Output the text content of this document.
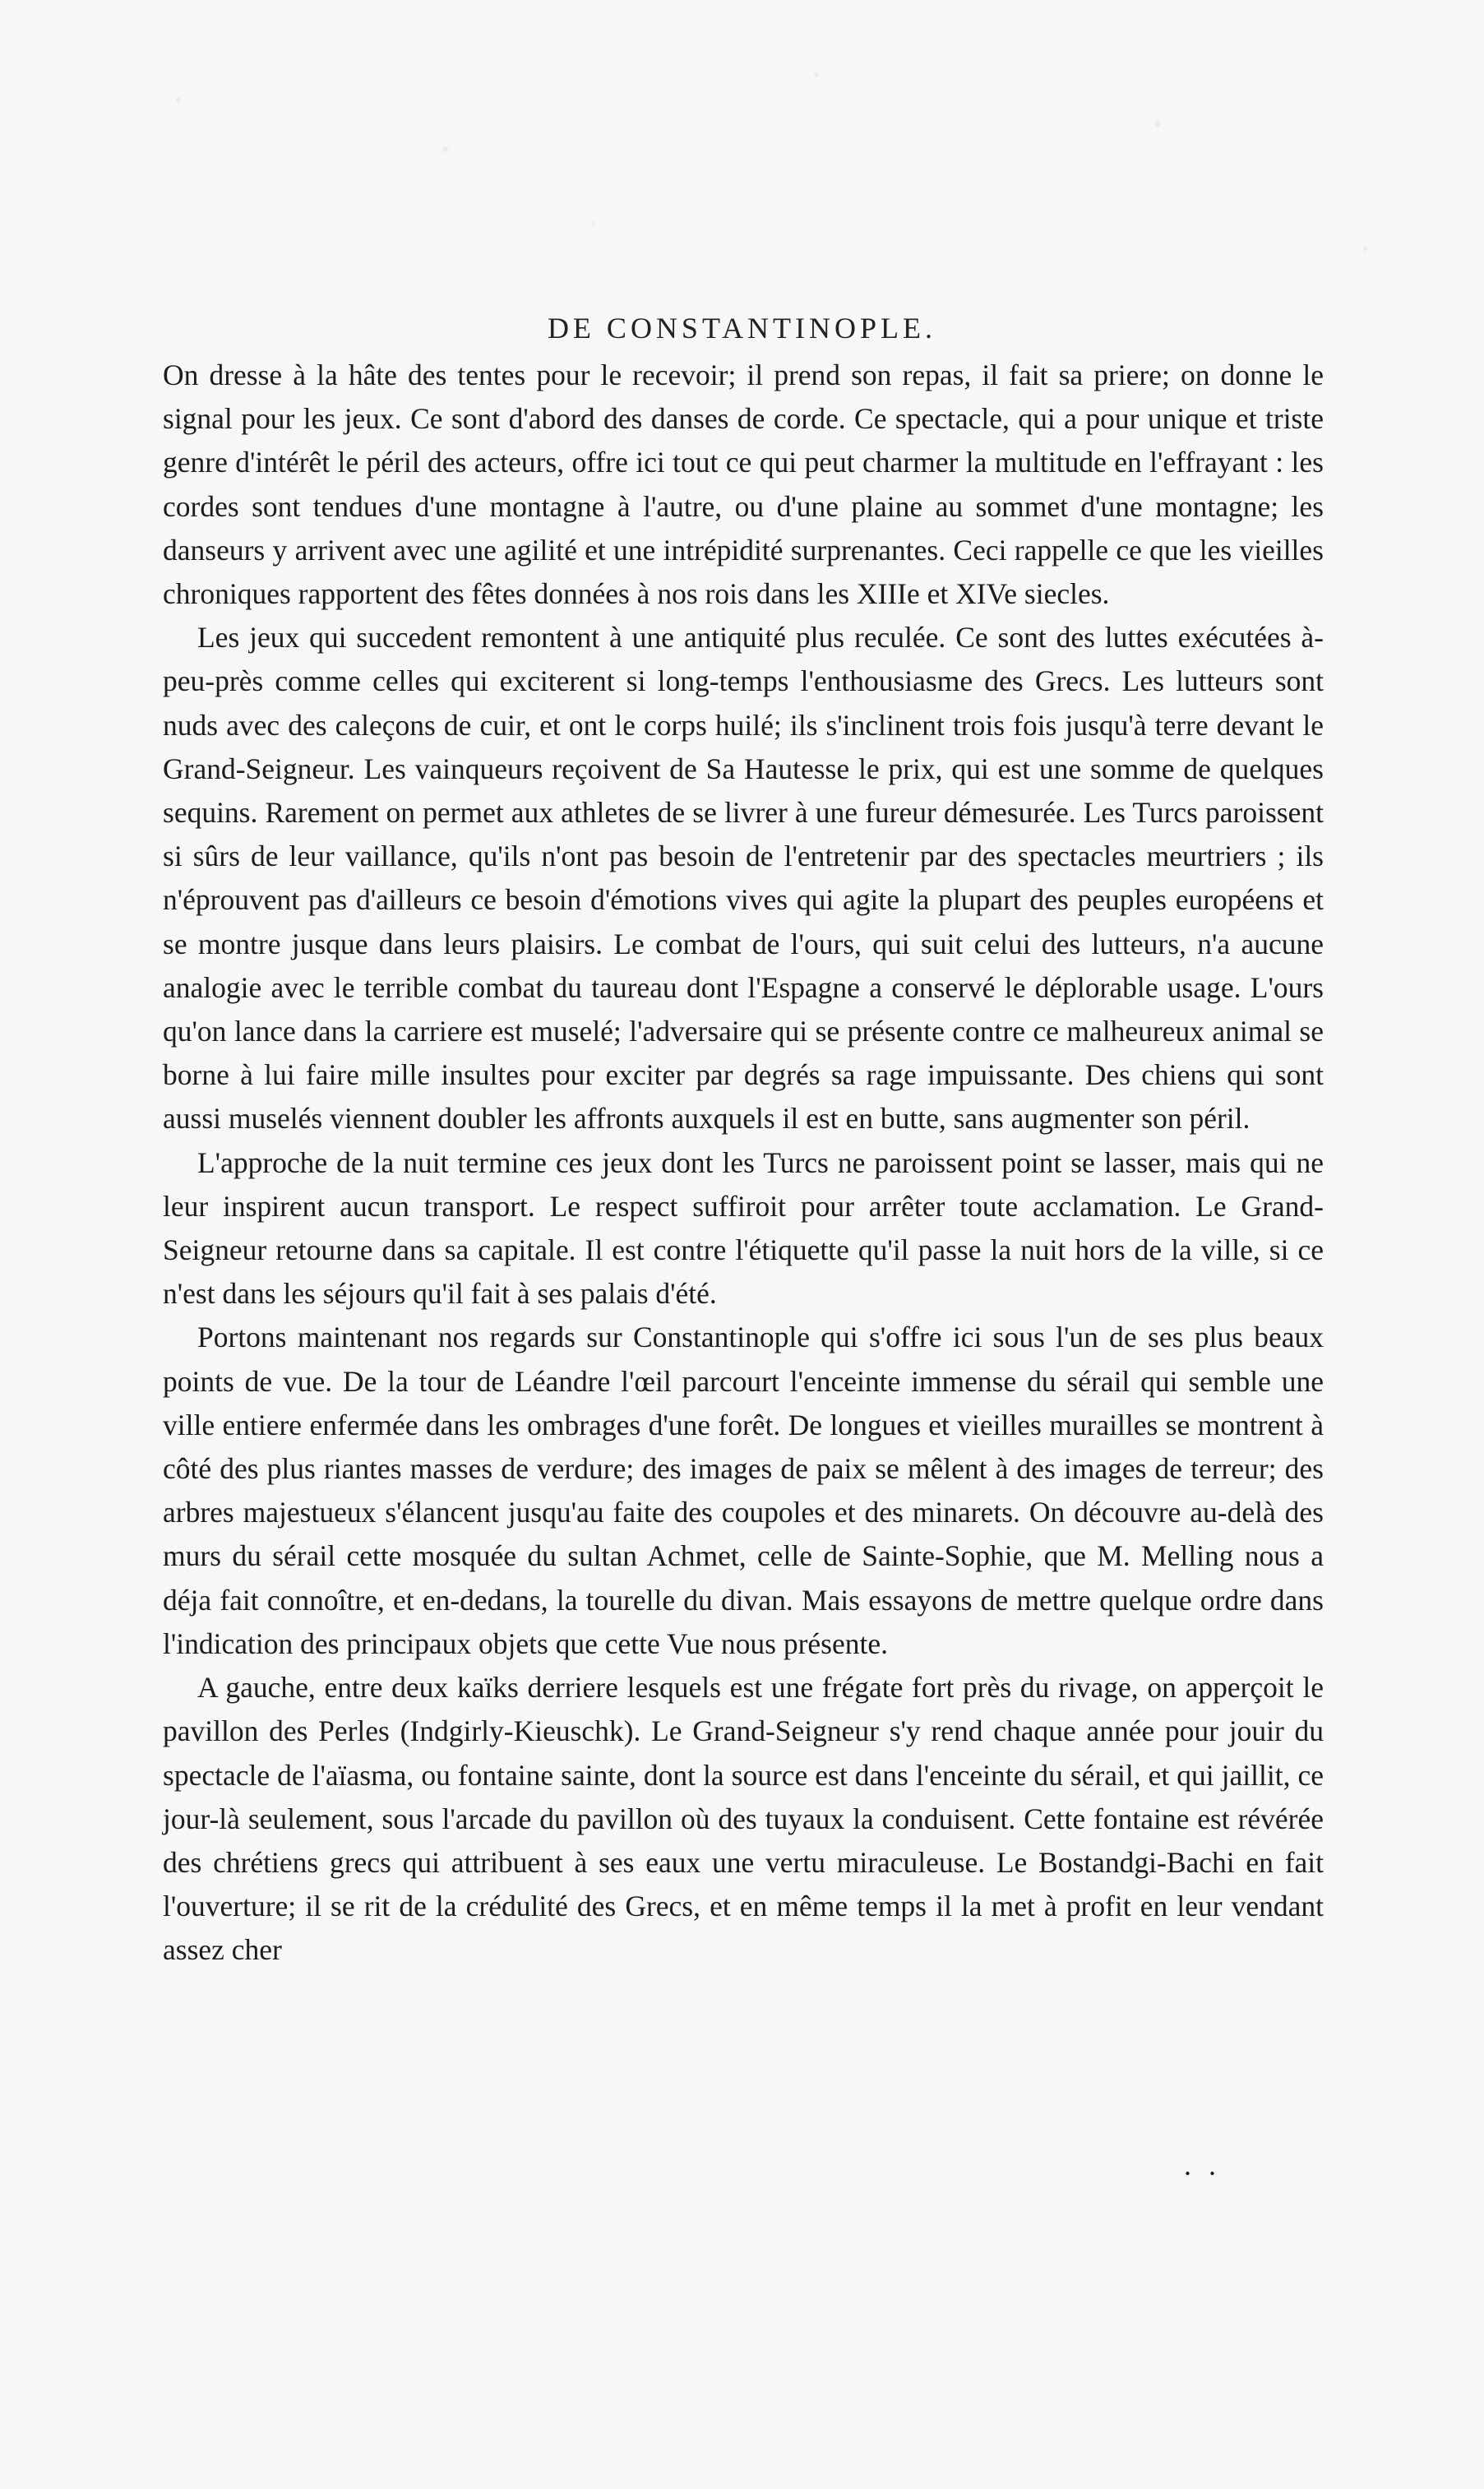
DE CONSTANTINOPLE.

On dresse à la hâte des tentes pour le recevoir; il prend son repas, il fait sa priere; on donne le signal pour les jeux. Ce sont d'abord des danses de corde. Ce spectacle, qui a pour unique et triste genre d'intérêt le péril des acteurs, offre ici tout ce qui peut charmer la multitude en l'effrayant : les cordes sont tendues d'une montagne à l'autre, ou d'une plaine au sommet d'une montagne; les danseurs y arrivent avec une agilité et une intrépidité surprenantes. Ceci rappelle ce que les vieilles chroniques rapportent des fêtes données à nos rois dans les XIIIe et XIVe siecles.

Les jeux qui succedent remontent à une antiquité plus reculée. Ce sont des luttes exécutées à-peu-près comme celles qui exciterent si long-temps l'enthousiasme des Grecs. Les lutteurs sont nuds avec des caleçons de cuir, et ont le corps huilé; ils s'inclinent trois fois jusqu'à terre devant le Grand-Seigneur. Les vainqueurs reçoivent de Sa Hautesse le prix, qui est une somme de quelques sequins. Rarement on permet aux athletes de se livrer à une fureur démesurée. Les Turcs paroissent si sûrs de leur vaillance, qu'ils n'ont pas besoin de l'entretenir par des spectacles meurtriers ; ils n'éprouvent pas d'ailleurs ce besoin d'émotions vives qui agite la plupart des peuples européens et se montre jusque dans leurs plaisirs. Le combat de l'ours, qui suit celui des lutteurs, n'a aucune analogie avec le terrible combat du taureau dont l'Espagne a conservé le déplorable usage. L'ours qu'on lance dans la carriere est muselé; l'adversaire qui se présente contre ce malheureux animal se borne à lui faire mille insultes pour exciter par degrés sa rage impuissante. Des chiens qui sont aussi muselés viennent doubler les affronts auxquels il est en butte, sans augmenter son péril.

L'approche de la nuit termine ces jeux dont les Turcs ne paroissent point se lasser, mais qui ne leur inspirent aucun transport. Le respect suffiroit pour arrêter toute acclamation. Le Grand-Seigneur retourne dans sa capitale. Il est contre l'étiquette qu'il passe la nuit hors de la ville, si ce n'est dans les séjours qu'il fait à ses palais d'été.

Portons maintenant nos regards sur Constantinople qui s'offre ici sous l'un de ses plus beaux points de vue. De la tour de Léandre l'œil parcourt l'enceinte immense du sérail qui semble une ville entiere enfermée dans les ombrages d'une forêt. De longues et vieilles murailles se montrent à côté des plus riantes masses de verdure; des images de paix se mêlent à des images de terreur; des arbres majestueux s'élancent jusqu'au faite des coupoles et des minarets. On découvre au-delà des murs du sérail cette mosquée du sultan Achmet, celle de Sainte-Sophie, que M. Melling nous a déja fait connoître, et en-dedans, la tourelle du divan. Mais essayons de mettre quelque ordre dans l'indication des principaux objets que cette Vue nous présente.

A gauche, entre deux kaïks derriere lesquels est une frégate fort près du rivage, on apperçoit le pavillon des Perles (Indgirly-Kieuschk). Le Grand-Seigneur s'y rend chaque année pour jouir du spectacle de l'aïasma, ou fontaine sainte, dont la source est dans l'enceinte du sérail, et qui jaillit, ce jour-là seulement, sous l'arcade du pavillon où des tuyaux la conduisent. Cette fontaine est révérée des chrétiens grecs qui attribuent à ses eaux une vertu miraculeuse. Le Bostandgi-Bachi en fait l'ouverture; il se rit de la crédulité des Grecs, et en même temps il la met à profit en leur vendant assez cher

. .
